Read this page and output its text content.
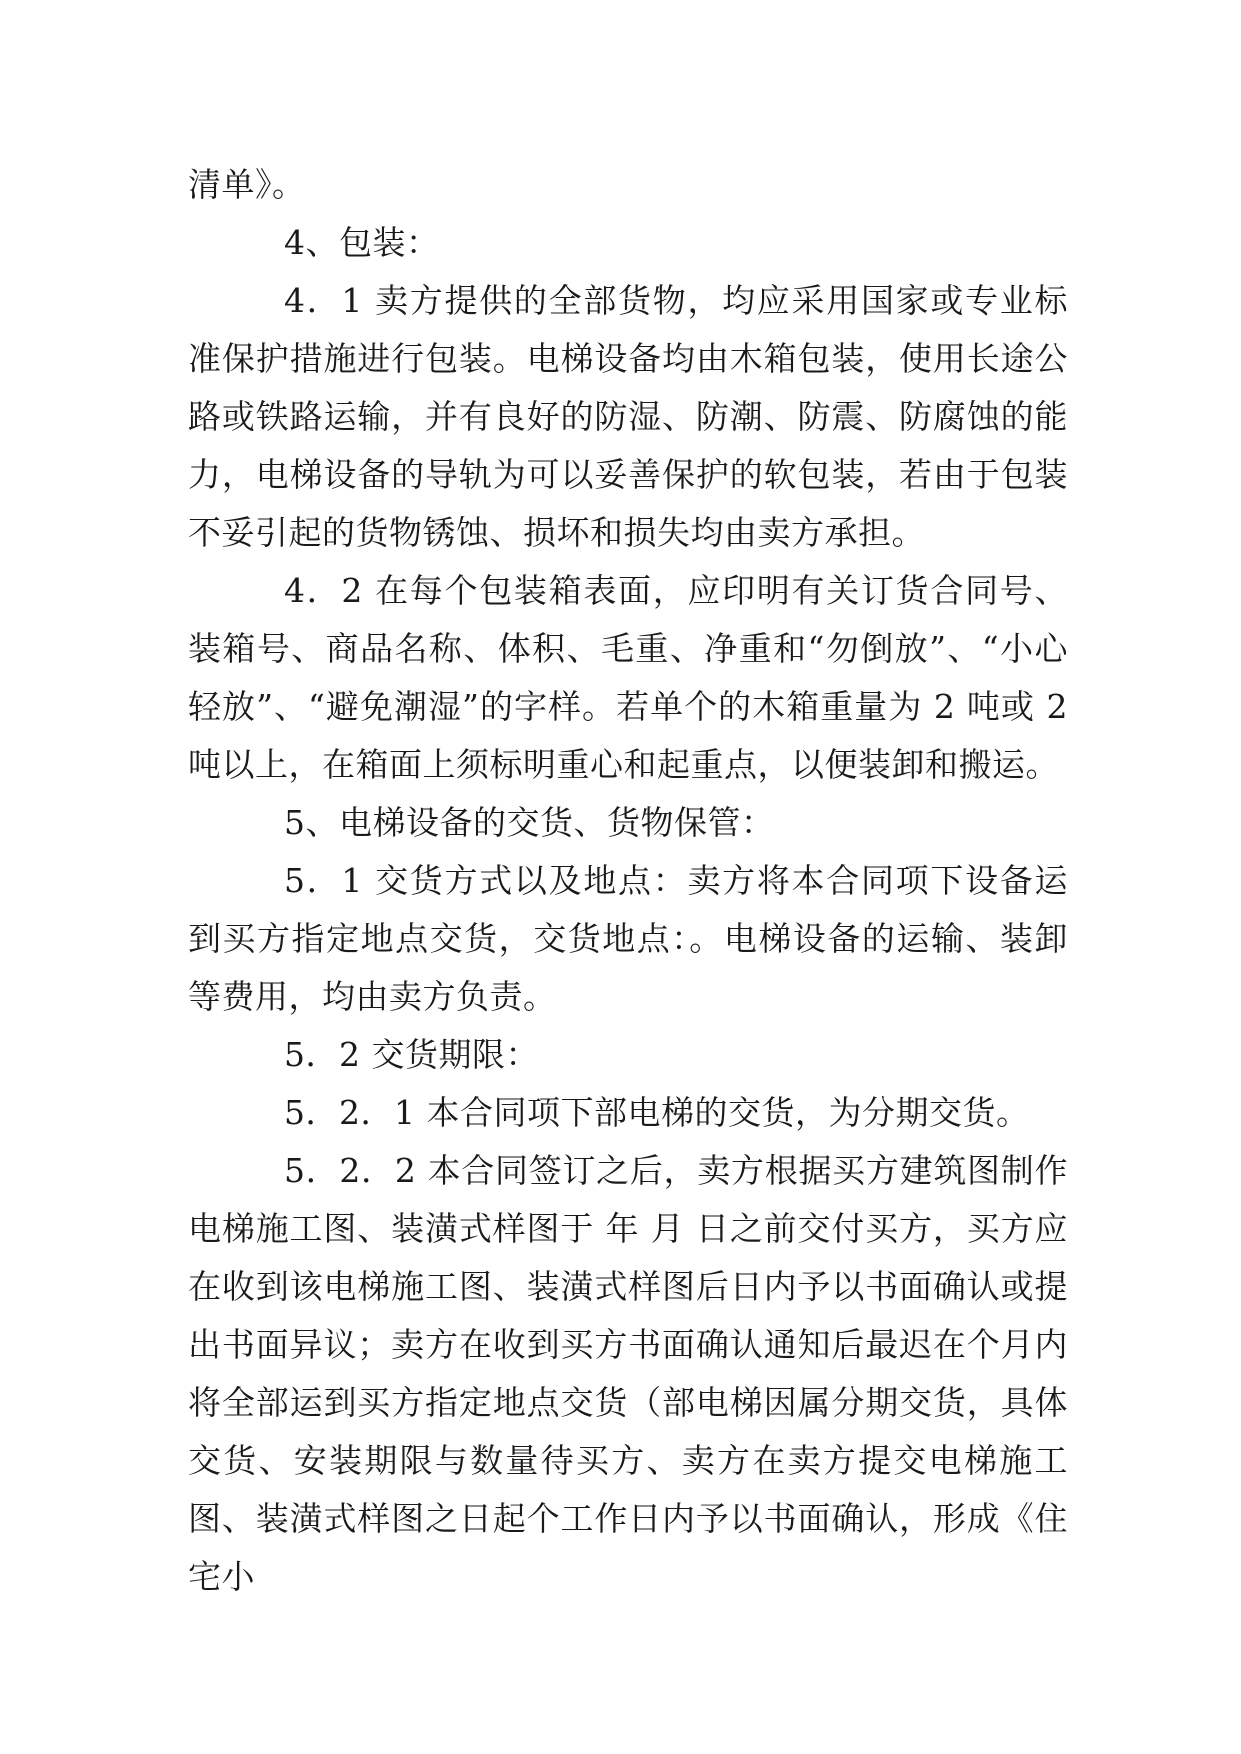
清单》。

4、包装：

4．1 卖方提供的全部货物，均应采用国家或专业标准保护措施进行包装。电梯设备均由木箱包装，使用长途公路或铁路运输，并有良好的防湿、防潮、防震、防腐蚀的能力，电梯设备的导轨为可以妥善保护的软包装，若由于包装不妥引起的货物锈蚀、损坏和损失均由卖方承担。

4．2 在每个包装箱表面，应印明有关订货合同号、装箱号、商品名称、体积、毛重、净重和“勿倒放”、“小心轻放”、“避免潮湿”的字样。若单个的木箱重量为 2 吨或 2 吨以上，在箱面上须标明重心和起重点，以便装卸和搬运。

5、电梯设备的交货、货物保管：

5．1 交货方式以及地点：卖方将本合同项下设备运到买方指定地点交货，交货地点：。电梯设备的运输、装卸等费用，均由卖方负责。

5．2 交货期限：

5．2．1 本合同项下部电梯的交货，为分期交货。

5．2．2 本合同签订之后，卖方根据买方建筑图制作电梯施工图、装潢式样图于 年 月 日之前交付买方，买方应在收到该电梯施工图、装潢式样图后日内予以书面确认或提出书面异议；卖方在收到买方书面确认通知后最迟在个月内将全部运到买方指定地点交货（部电梯因属分期交货，具体交货、安装期限与数量待买方、卖方在卖方提交电梯施工图、装潢式样图之日起个工作日内予以书面确认，形成《住宅小
